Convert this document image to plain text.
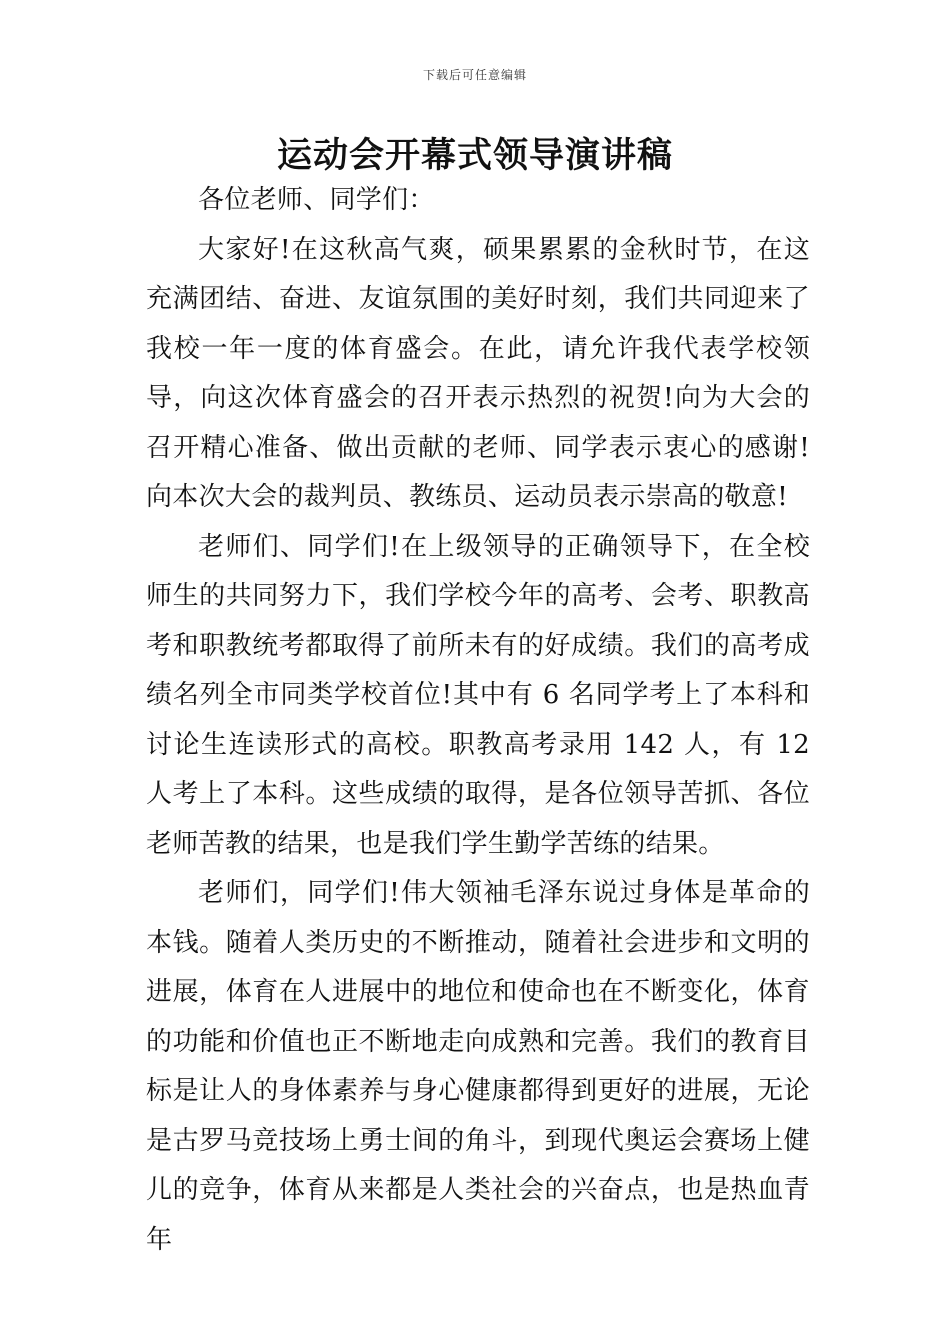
下载后可任意编辑
运动会开幕式领导演讲稿

各位老师、同学们：

大家好!在这秋高气爽，硕果累累的金秋时节，在这充满团结、奋进、友谊氛围的美好时刻，我们共同迎来了我校一年一度的体育盛会。在此，请允许我代表学校领导，向这次体育盛会的召开表示热烈的祝贺!向为大会的召开精心准备、做出贡献的老师、同学表示衷心的感谢!向本次大会的裁判员、教练员、运动员表示崇高的敬意!

老师们、同学们!在上级领导的正确领导下，在全校师生的共同努力下，我们学校今年的高考、会考、职教高考和职教统考都取得了前所未有的好成绩。我们的高考成绩名列全市同类学校首位!其中有 6 名同学考上了本科和讨论生连读形式的高校。职教高考录用 142 人，有 12 人考上了本科。这些成绩的取得，是各位领导苦抓、各位老师苦教的结果，也是我们学生勤学苦练的结果。

老师们，同学们!伟大领袖毛泽东说过身体是革命的本钱。随着人类历史的不断推动，随着社会进步和文明的进展，体育在人进展中的地位和使命也在不断变化，体育的功能和价值也正不断地走向成熟和完善。我们的教育目标是让人的身体素养与身心健康都得到更好的进展，无论是古罗马竞技场上勇士间的角斗，到现代奥运会赛场上健儿的竞争，体育从来都是人类社会的兴奋点，也是热血青年
